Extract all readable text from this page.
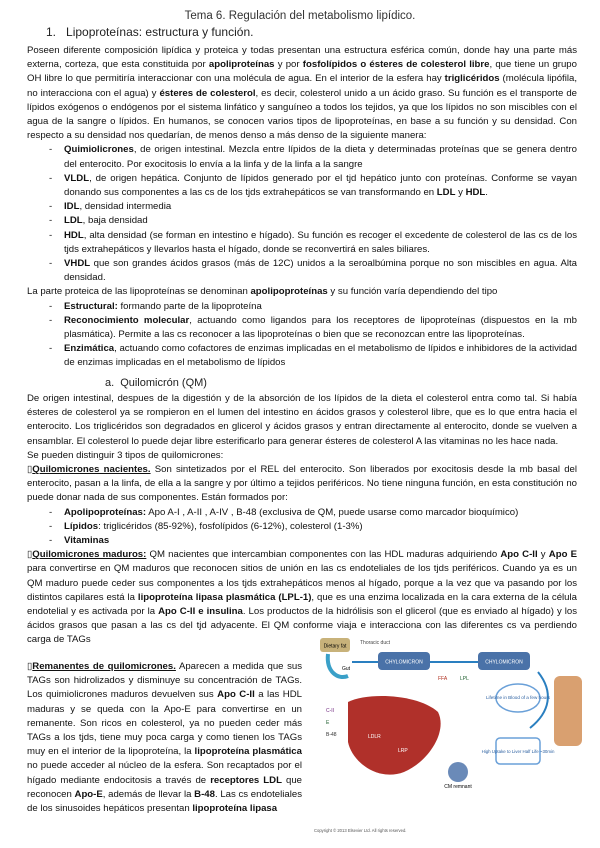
Tema 6. Regulación del metabolismo lipídico.
1. Lipoproteínas: estructura y función.

Poseen diferente composición lipídica y proteica y todas presentan una estructura esférica común, donde hay una parte más externa, corteza, que esta constituida por apoliproteínas y por fosfolípidos o ésteres de colesterol libre, que tiene un grupo OH libre lo que permitiría interaccionar con una molécula de agua. En el interior de la esfera hay triglicéridos (molécula lipófila, no interacciona con el agua) y ésteres de colesterol, es decir, colesterol unido a un ácido graso. Su función es el transporte de lípidos exógenos o endógenos por el sistema linfático y sanguíneo a todos los tejidos, ya que los lípidos no son miscibles con el agua de la sangre o lípidos. En humanos, se conocen varios tipos de lipoproteínas, en base a su función y su densidad. Con respecto a su densidad nos quedarían, de menos denso a más denso de la siguiente manera:

- Quimiolicrones, de origen intestinal. Mezcla entre lípidos de la dieta y determinadas proteínas que se genera dentro del enterocito. Por exocitosis lo envía a la linfa y de la linfa a la sangre
- VLDL, de origen hepática. Conjunto de lípidos generado por el tjd hepático junto con proteínas. Conforme se vayan donando sus componentes a las cs de los tjds extrahepáticos se van transformando en LDL y HDL.
- IDL, densidad intermedia
- LDL, baja densidad
- HDL, alta densidad (se forman en intestino e hígado). Su función es recoger el excedente de colesterol de las cs de los tjds extrahepáticos y llevarlos hasta el hígado, donde se reconvertirá en sales biliares.
- VHDL que son grandes ácidos grasos (más de 12C) unidos a la seroalbúmina porque no son miscibles en agua. Alta densidad.

La parte proteica de las lipoproteínas se denominan apolipoproteínas y su función varía dependiendo del tipo

- Estructural: formando parte de la lipoproteína
- Reconocimiento molecular, actuando como ligandos para los receptores de lipoproteínas (dispuestos en la mb plasmática). Permite a las cs reconocer a las lipoproteínas o bien que se reconozcan entre las lipoproteínas.
- Enzimática, actuando como cofactores de enzimas implicadas en el metabolismo de lípidos e inhibidores de la actividad de enzimas implicadas en el metabolismo de lípidos
a. Quilomicrón (QM)

De origen intestinal, despues de la digestión y de la absorción de los lípidos de la dieta el colesterol entra como tal. Si había ésteres de colesterol ya se rompieron en el lumen del intestino en ácidos grasos y colesterol libre, que es lo que entra hacia el enterocito. Los triglicéridos son degradados en glicerol y ácidos grasos y entran directamente al enterocito, donde se vuelven a ensamblar. El colesterol lo puede dejar libre esterificarlo para generar ésteres de colesterol A las vitaminas no les hace nada.

Se pueden distinguir 3 tipos de quilomicrones:

▯Quilomicrones nacientes. Son sintetizados por el REL del enterocito. Son liberados por exocitosis desde la mb basal del enterocito, pasan a la linfa, de ella a la sangre y por último a tejidos periféricos. No tiene ninguna función, en esta constitución no puede donar nada de sus componentes. Están formados por:

- Apolipoproteínas: Apo A-I , A-II , A-IV , B-48 (exclusiva de QM, puede usarse como marcador bioquímico)
- Lípidos: triglicéridos (85-92%), fosfolípidos (6-12%), colesterol (1-3%)
- Vitaminas

▯Quilomicrones maduros: QM nacientes que intercambian componentes con las HDL maduras adquiriendo Apo C-II y Apo E para convertirse en QM maduros que reconocen sitios de unión en las cs endoteliales de los tjds periféricos. Cuando ya es un QM maduro puede ceder sus componentes a los tjds extrahepáticos menos al hígado, porque a la vez que va pasando por los distintos capilares está la lipoproteína lipasa plasmática (LPL-1), que es una enzima localizada en la cara externa de la célula endotelial y es activada por la Apo C-II e insulina. Los productos de la hidrólisis son el glicerol (que es enviado al hígado) y los ácidos grasos que pasan a las cs del tjd adyacente. El QM conforme viaja e interacciona con las diferentes cs va perdiendo carga de TAGs

▯Remanentes de quilomicrones. Aparecen a medida que sus TAGs son hidrolizados y disminuye su concentración de TAGs. Los quimiolicrones maduros devuelven sus Apo C-II a las HDL maduras y se queda con la Apo-E para convertirse en un remanente. Son ricos en colesterol, ya no pueden ceder más TAGs a los tjds, tiene muy poca carga y como tienen los TAGs muy en el interior de la lipoproteína, la lipoproteína plasmática no puede acceder al núcleo de la esfera. Son recaptados por el hígado mediante endocitosis a través de receptores LDL que reconocen Apo-E, además de llevar la B-48. Las cs endoteliales de los sinusoides hepáticos presentan lipoproteína lipasa

Dietary fat
Thoracic duct
Gut
CHYLOMICRON	CHYLOMICRON
FFA	LPL
Lifetime in Blood of a few hours
High Uptake to Liver Half Life ~30min
LDLR
LRP
CM remnant
C-II
E
B-48
Copyright © 2013 Elsevier Ltd. All rights reserved.
